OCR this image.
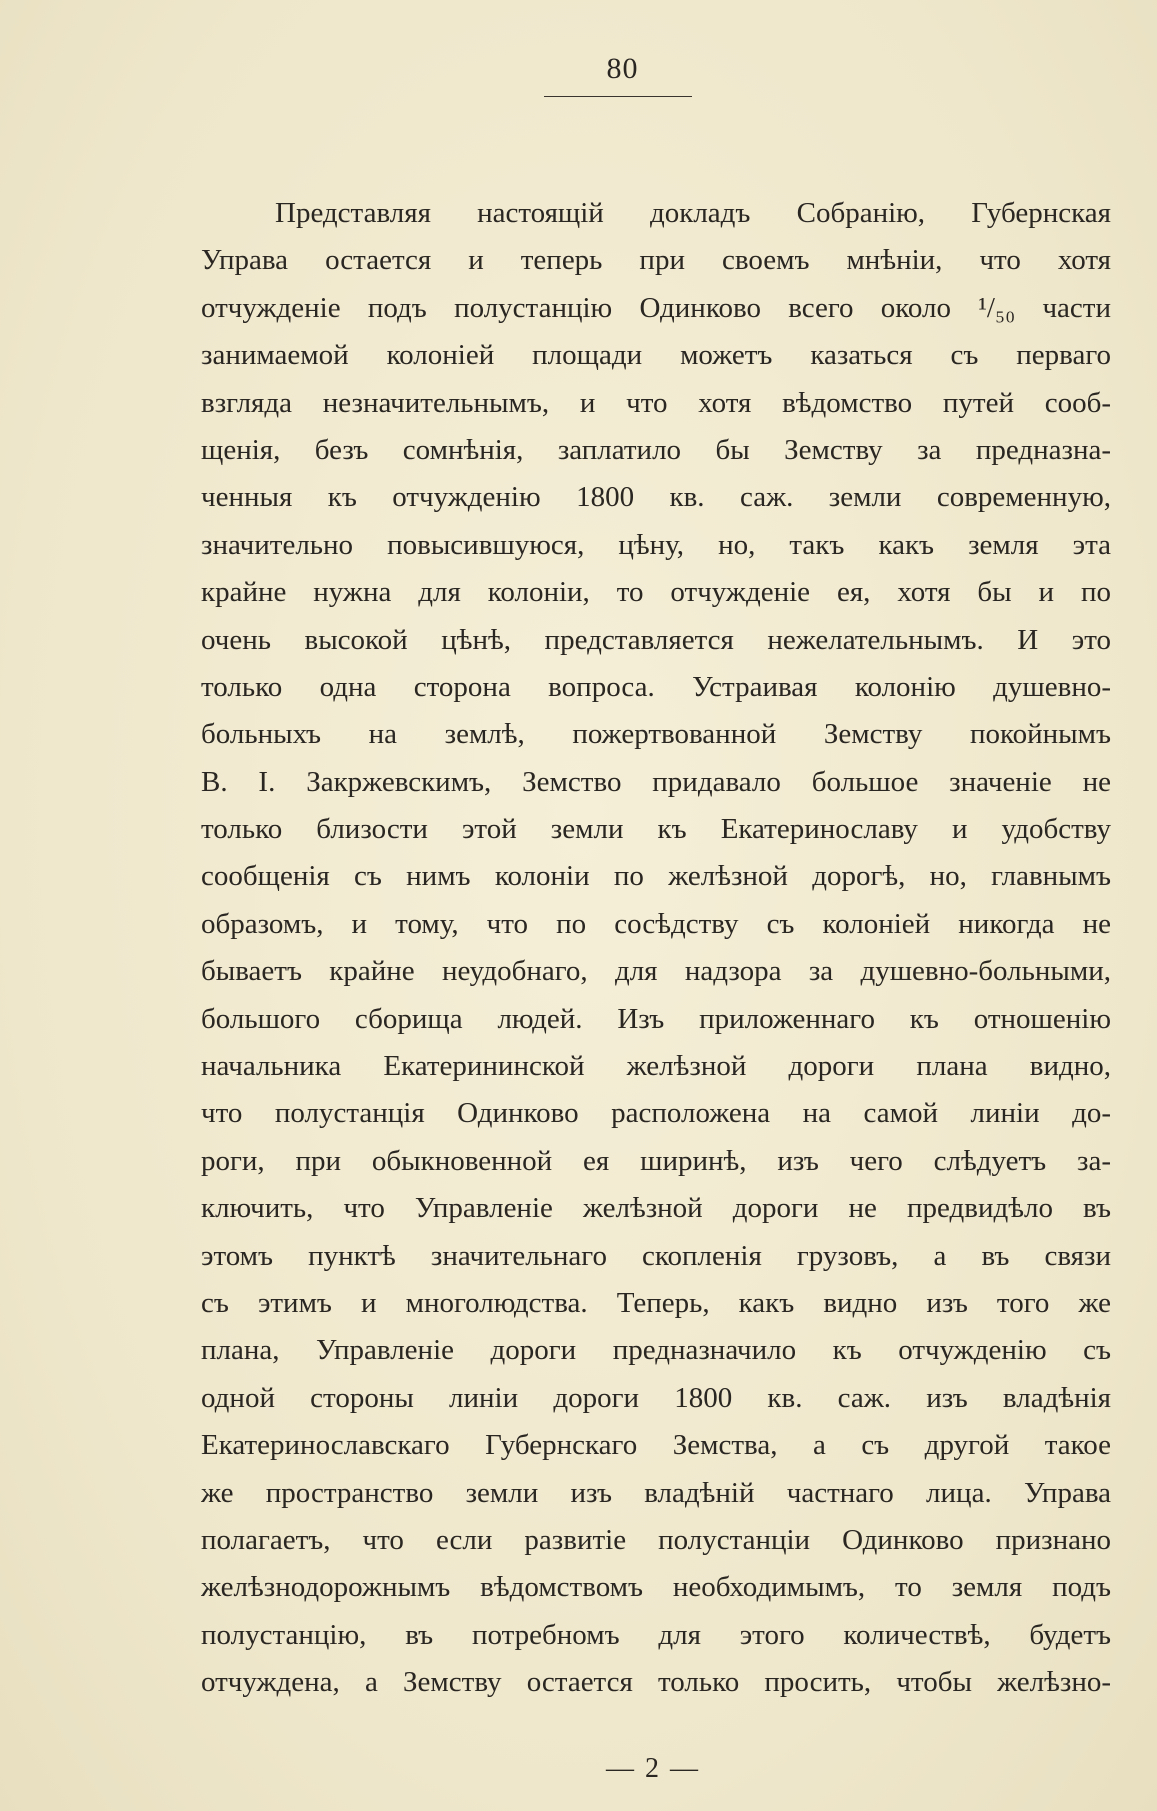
80
Представляя настоящій докладъ Собранію, Губернская
Управа остается и теперь при своемъ мнѣніи, что хотя
отчужденіе подъ полустанцію Одинково всего около ¹/₅₀ части
занимаемой колоніей площади можетъ казаться съ перваго
взгляда незначительнымъ, и что хотя вѣдомство путей сооб-
щенія, безъ сомнѣнія, заплатило бы Земству за предназна-
ченныя къ отчужденію 1800 кв. саж. земли современную,
значительно повысившуюся, цѣну, но, такъ какъ земля эта
крайне нужна для колоніи, то отчужденіе ея, хотя бы и по
очень высокой цѣнѣ, представляется нежелательнымъ. И это
только одна сторона вопроса. Устраивая колонію душевно-
больныхъ на землѣ, пожертвованной Земству покойнымъ
В. І. Закржевскимъ, Земство придавало большое значеніе не
только близости этой земли къ Екатеринославу и удобству
сообщенія съ нимъ колоніи по желѣзной дорогѣ, но, главнымъ
образомъ, и тому, что по сосѣдству съ колоніей никогда не
бываетъ крайне неудобнаго, для надзора за душевно-больными,
большого сборища людей. Изъ приложеннаго къ отношенію
начальника Екатерининской желѣзной дороги плана видно,
что полустанція Одинково расположена на самой линіи до-
роги, при обыкновенной ея ширинѣ, изъ чего слѣдуетъ за-
ключить, что Управленіе желѣзной дороги не предвидѣло въ
этомъ пунктѣ значительнаго скопленія грузовъ, а въ связи
съ этимъ и многолюдства. Теперь, какъ видно изъ того же
плана, Управленіе дороги предназначило къ отчужденію съ
одной стороны линіи дороги 1800 кв. саж. изъ владѣнія
Екатеринославскаго Губернскаго Земства, а съ другой такое
же пространство земли изъ владѣній частнаго лица. Управа
полагаетъ, что если развитіе полустанціи Одинково признано
желѣзнодорожнымъ вѣдомствомъ необходимымъ, то земля подъ
полустанцію, въ потребномъ для этого количествѣ, будетъ
отчуждена, а Земству остается только просить, чтобы желѣзно-
— 2 —
